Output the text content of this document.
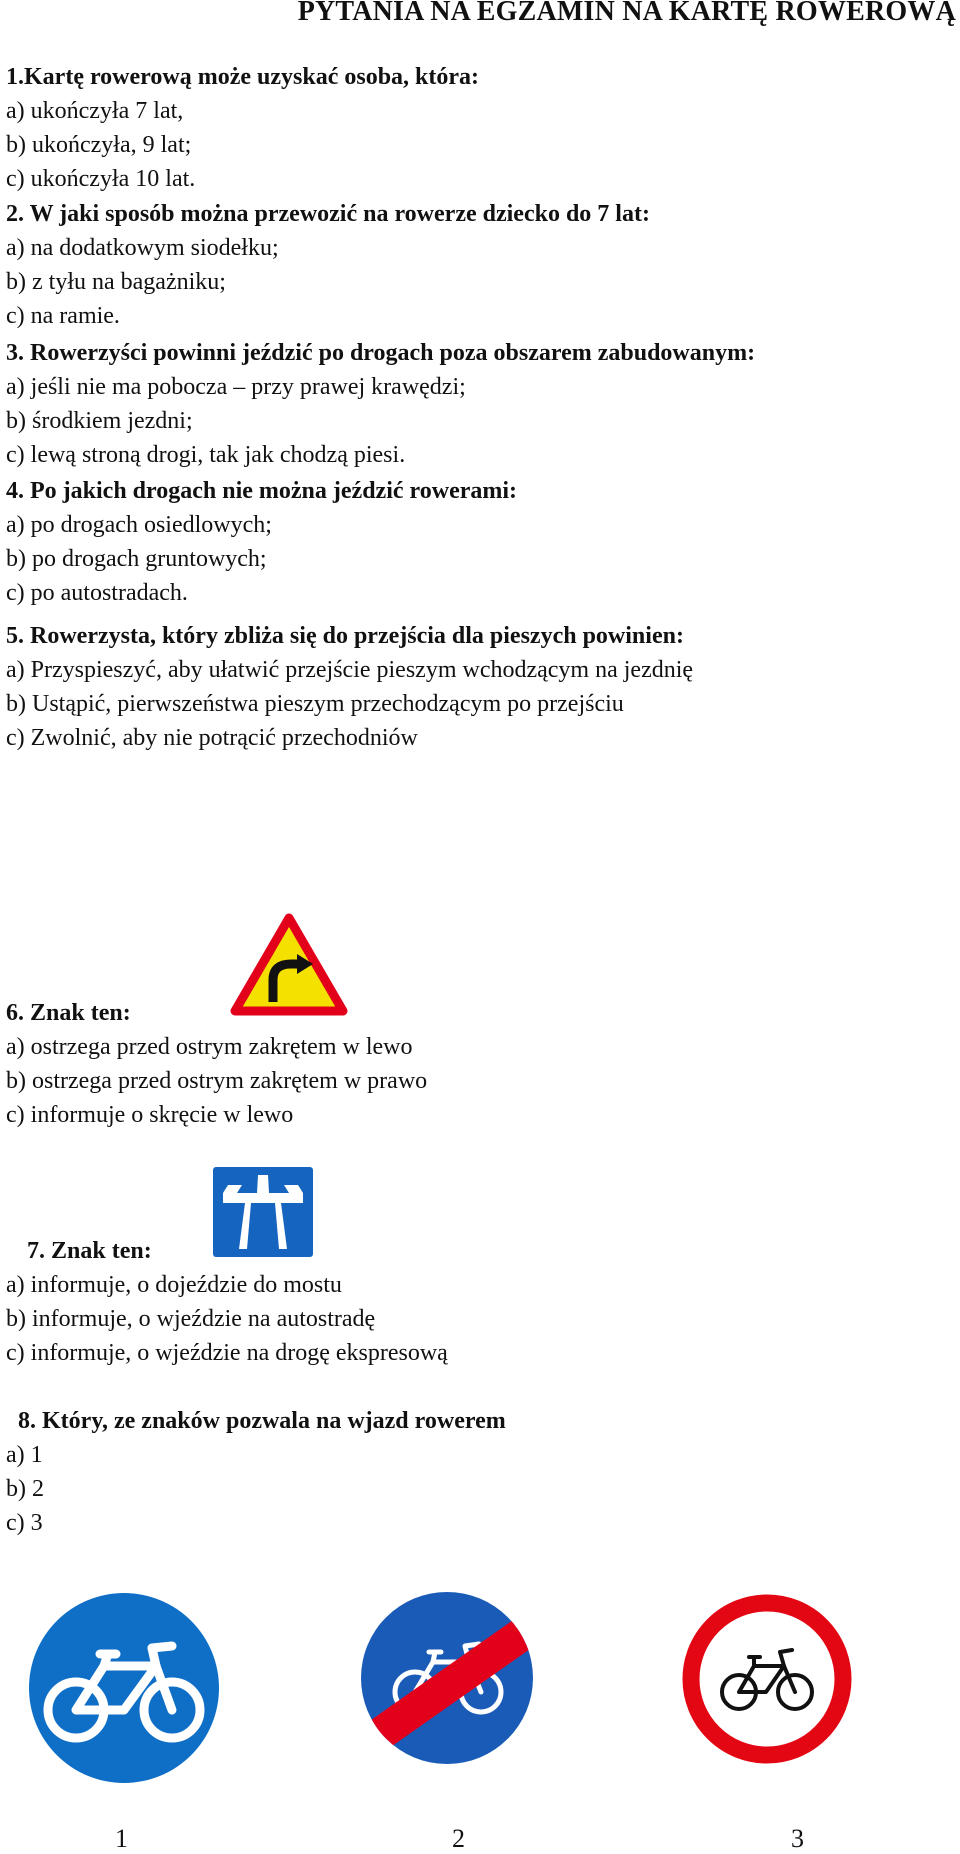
PYTANIA NA EGZAMIN NA KARTĘ ROWEROWĄ
1.Kartę rowerową może uzyskać osoba, która:
a) ukończyła 7 lat,
b) ukończyła, 9 lat;
c) ukończyła 10 lat.
2. W jaki sposób można przewozić na rowerze dziecko do 7 lat:
a) na dodatkowym siodełku;
b) z tyłu na bagażniku;
c) na ramie.
3. Rowerzyści powinni jeździć po drogach poza obszarem zabudowanym:
a) jeśli nie ma pobocza – przy prawej krawędzi;
b) środkiem jezdni;
c) lewą stroną drogi, tak jak chodzą piesi.
4. Po jakich drogach nie można jeździć rowerami:
a) po drogach osiedlowych;
b) po drogach gruntowych;
c) po autostradach.
5. Rowerzysta, który zbliża się do przejścia dla pieszych powinien:
a) Przyspieszyć, aby ułatwić przejście pieszym wchodzącym na jezdnię
b) Ustąpić, pierwszeństwa pieszym przechodzącym po przejściu
c) Zwolnić, aby nie potrącić przechodniów
6. Znak ten:
a) ostrzega przed ostrym zakrętem w lewo
b) ostrzega przed ostrym zakrętem w prawo
c) informuje o skręcie w lewo
7. Znak ten:
a) informuje, o dojeździe do mostu
b) informuje, o wjeździe na autostradę
c) informuje, o wjeździe na drogę ekspresową
8. Który, ze znaków pozwala na wjazd rowerem
a) 1
b) 2
c) 3
1	2	3
